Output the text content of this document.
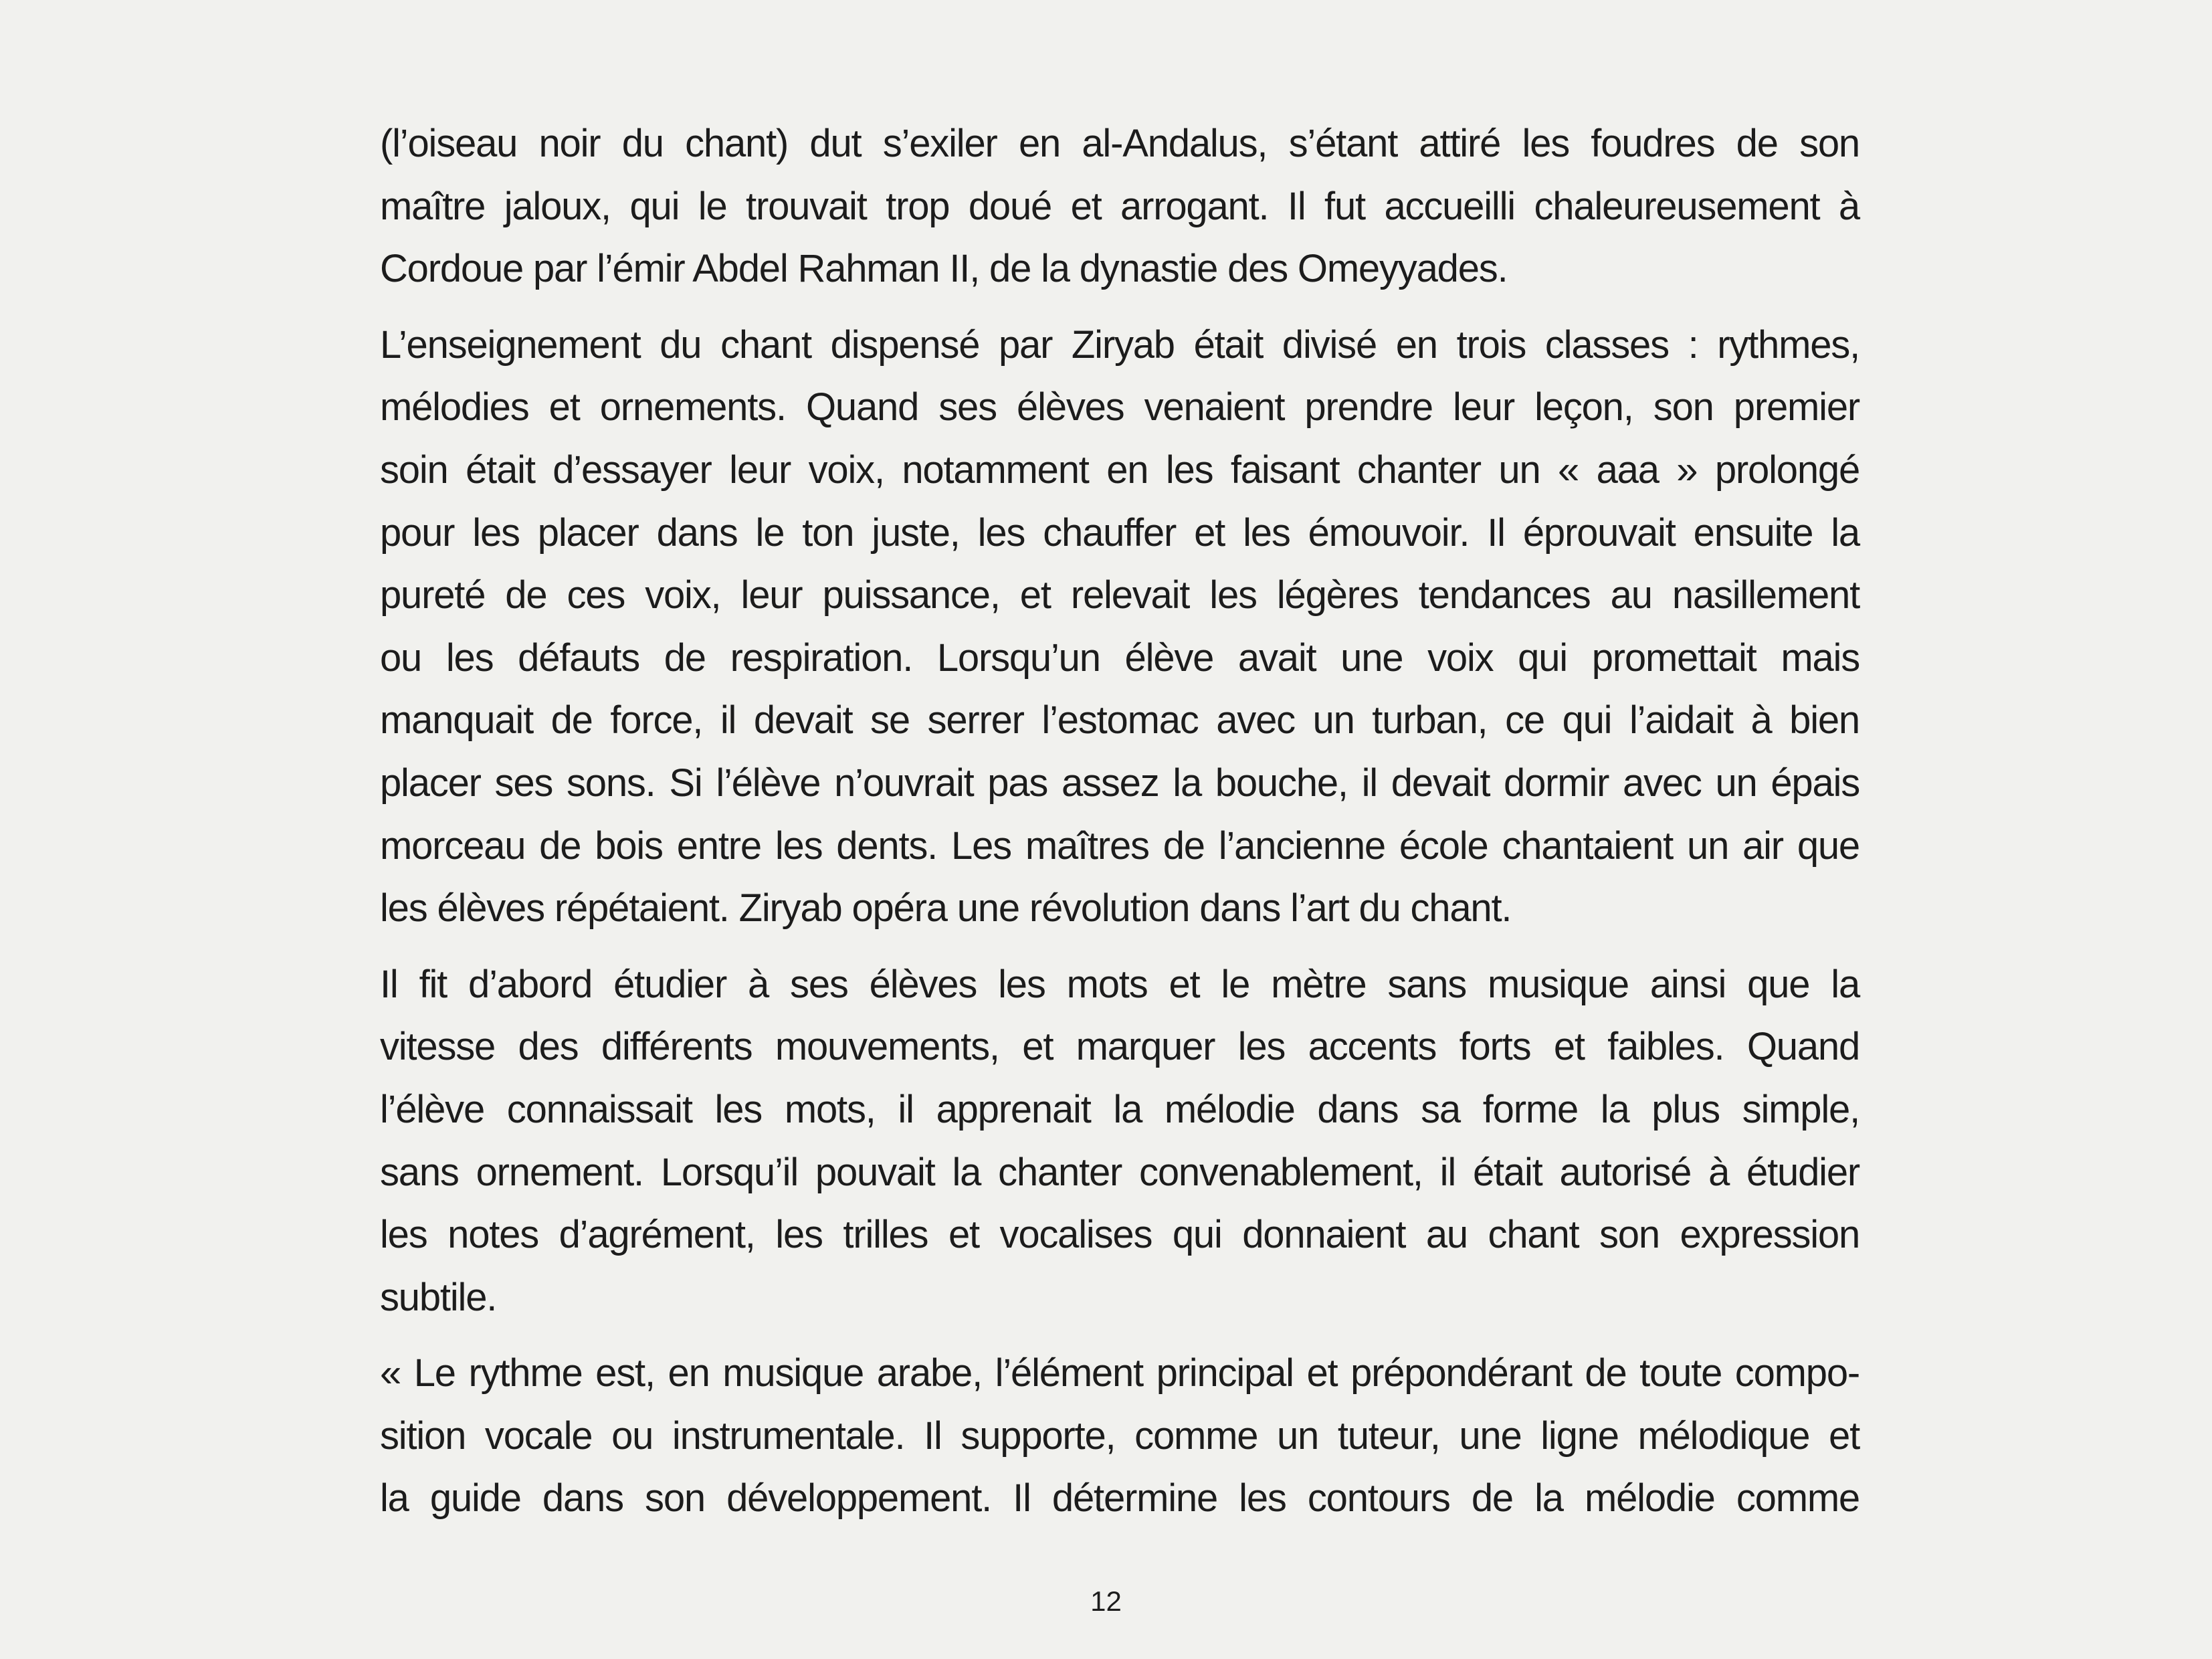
(l’oiseau noir du chant) dut s’exiler en al-Andalus, s’étant attiré les foudres de son
maître jaloux, qui le trouvait trop doué et arrogant. Il fut accueilli chaleureusement à
Cordoue par l’émir Abdel Rahman II, de la dynastie des Omeyyades.

L’enseignement du chant dispensé par Ziryab était divisé en trois classes : rythmes,
mélodies et ornements. Quand ses élèves venaient prendre leur leçon, son premier
soin était d’essayer leur voix, notamment en les faisant chanter un « aaa » prolongé
pour les placer dans le ton juste, les chauffer et les émouvoir. Il éprouvait ensuite la
pureté de ces voix, leur puissance, et relevait les légères tendances au nasillement
ou les défauts de respiration. Lorsqu’un élève avait une voix qui promettait mais
manquait de force, il devait se serrer l’estomac avec un turban, ce qui l’aidait à bien
placer ses sons. Si l’élève n’ouvrait pas assez la bouche, il devait dormir avec un épais
morceau de bois entre les dents. Les maîtres de l’ancienne école chantaient un air que
les élèves répétaient. Ziryab opéra une révolution dans l’art du chant.

Il fit d’abord étudier à ses élèves les mots et le mètre sans musique ainsi que la
vitesse des différents mouvements, et marquer les accents forts et faibles. Quand
l’élève connaissait les mots, il apprenait la mélodie dans sa forme la plus simple,
sans ornement. Lorsqu’il pouvait la chanter convenablement, il était autorisé à étudier
les notes d’agrément, les trilles et vocalises qui donnaient au chant son expression
subtile.

« Le rythme est, en musique arabe, l’élément principal et prépondérant de toute compo-
sition vocale ou instrumentale. Il supporte, comme un tuteur, une ligne mélodique et
la guide dans son développement. Il détermine les contours de la mélodie comme

12
